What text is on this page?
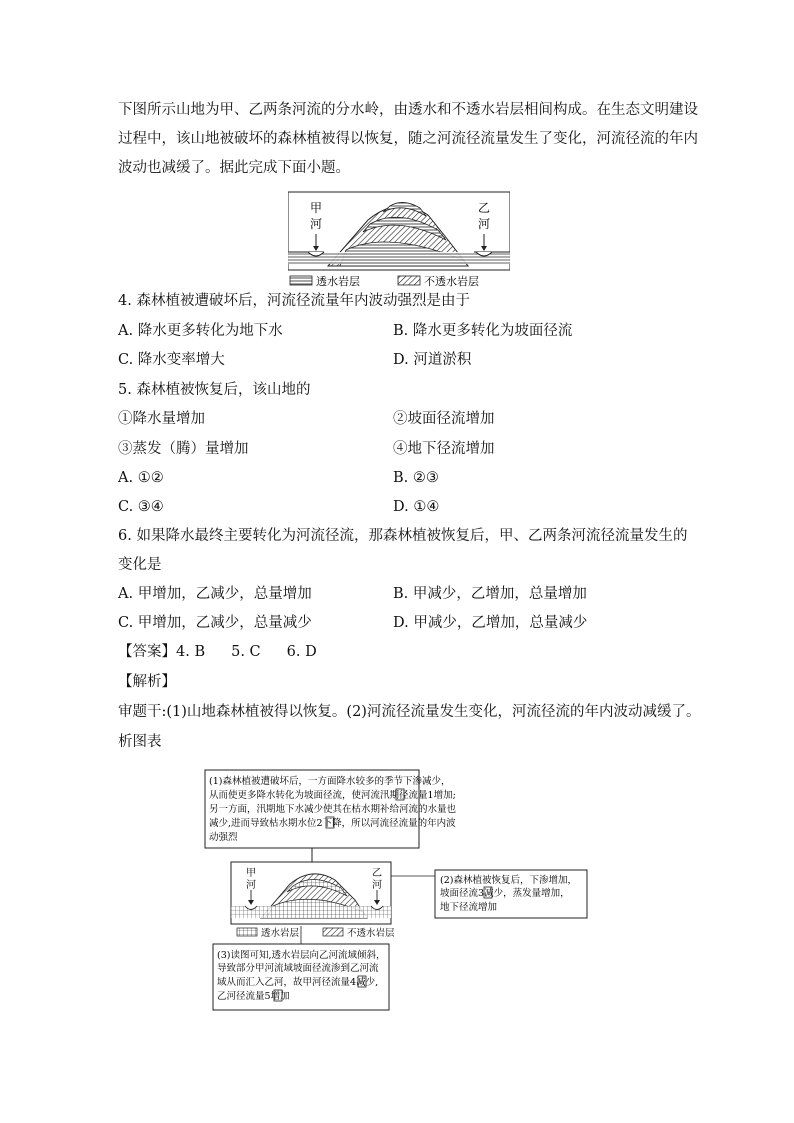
下图所示山地为甲、乙两条河流的分水岭，由透水和不透水岩层相间构成。在生态文明建设
过程中，该山地被破坏的森林植被得以恢复，随之河流径流量发生了变化，河流径流的年内
波动也减缓了。据此完成下面小题。
甲
河
乙
河
透水岩层	不透水岩层
4. 森林植被遭破坏后，河流径流量年内波动强烈是由于
A. 降水更多转化为地下水	B. 降水更多转化为坡面径流
C. 降水变率增大	D. 河道淤积
5. 森林植被恢复后，该山地的
①降水量增加	②坡面径流增加
③蒸发（腾）量增加	④地下径流增加
A. ①②	B. ②③
C. ③④	D. ①④
6. 如果降水最终主要转化为河流径流，那森林植被恢复后，甲、乙两条河流径流量发生的
变化是
A. 甲增加，乙减少，总量增加	B. 甲减少，乙增加，总量增加
C. 甲增加，乙减少，总量减少	D. 甲减少，乙增加，总量减少
【答案】4. B 5. C 6. D
【解析】
审题干:(1)山地森林植被得以恢复。(2)河流径流量发生变化，河流径流的年内波动减缓了。
析图表
(1)森林植被遭破坏后，一方面降水较多的季节下渗减少，
从而使更多降水转化为坡面径流，使河流汛期径流量1增加;
另一方面，汛期地下水减少使其在枯水期补给河流的水量也
减少,进而导致枯水期水位2下降，所以河流径流量的年内波
动强烈
甲
河
乙
河
透水岩层	不透水岩层
(2)森林植被恢复后，下渗增加，
坡面径流3减少，蒸发量增加，
地下径流增加
(3)读图可知,透水岩层向乙河流域倾斜，
导致部分甲河流域坡面径流渗到乙河流
域从而汇入乙河，故甲河径流量4减少,
乙河径流量5增加
